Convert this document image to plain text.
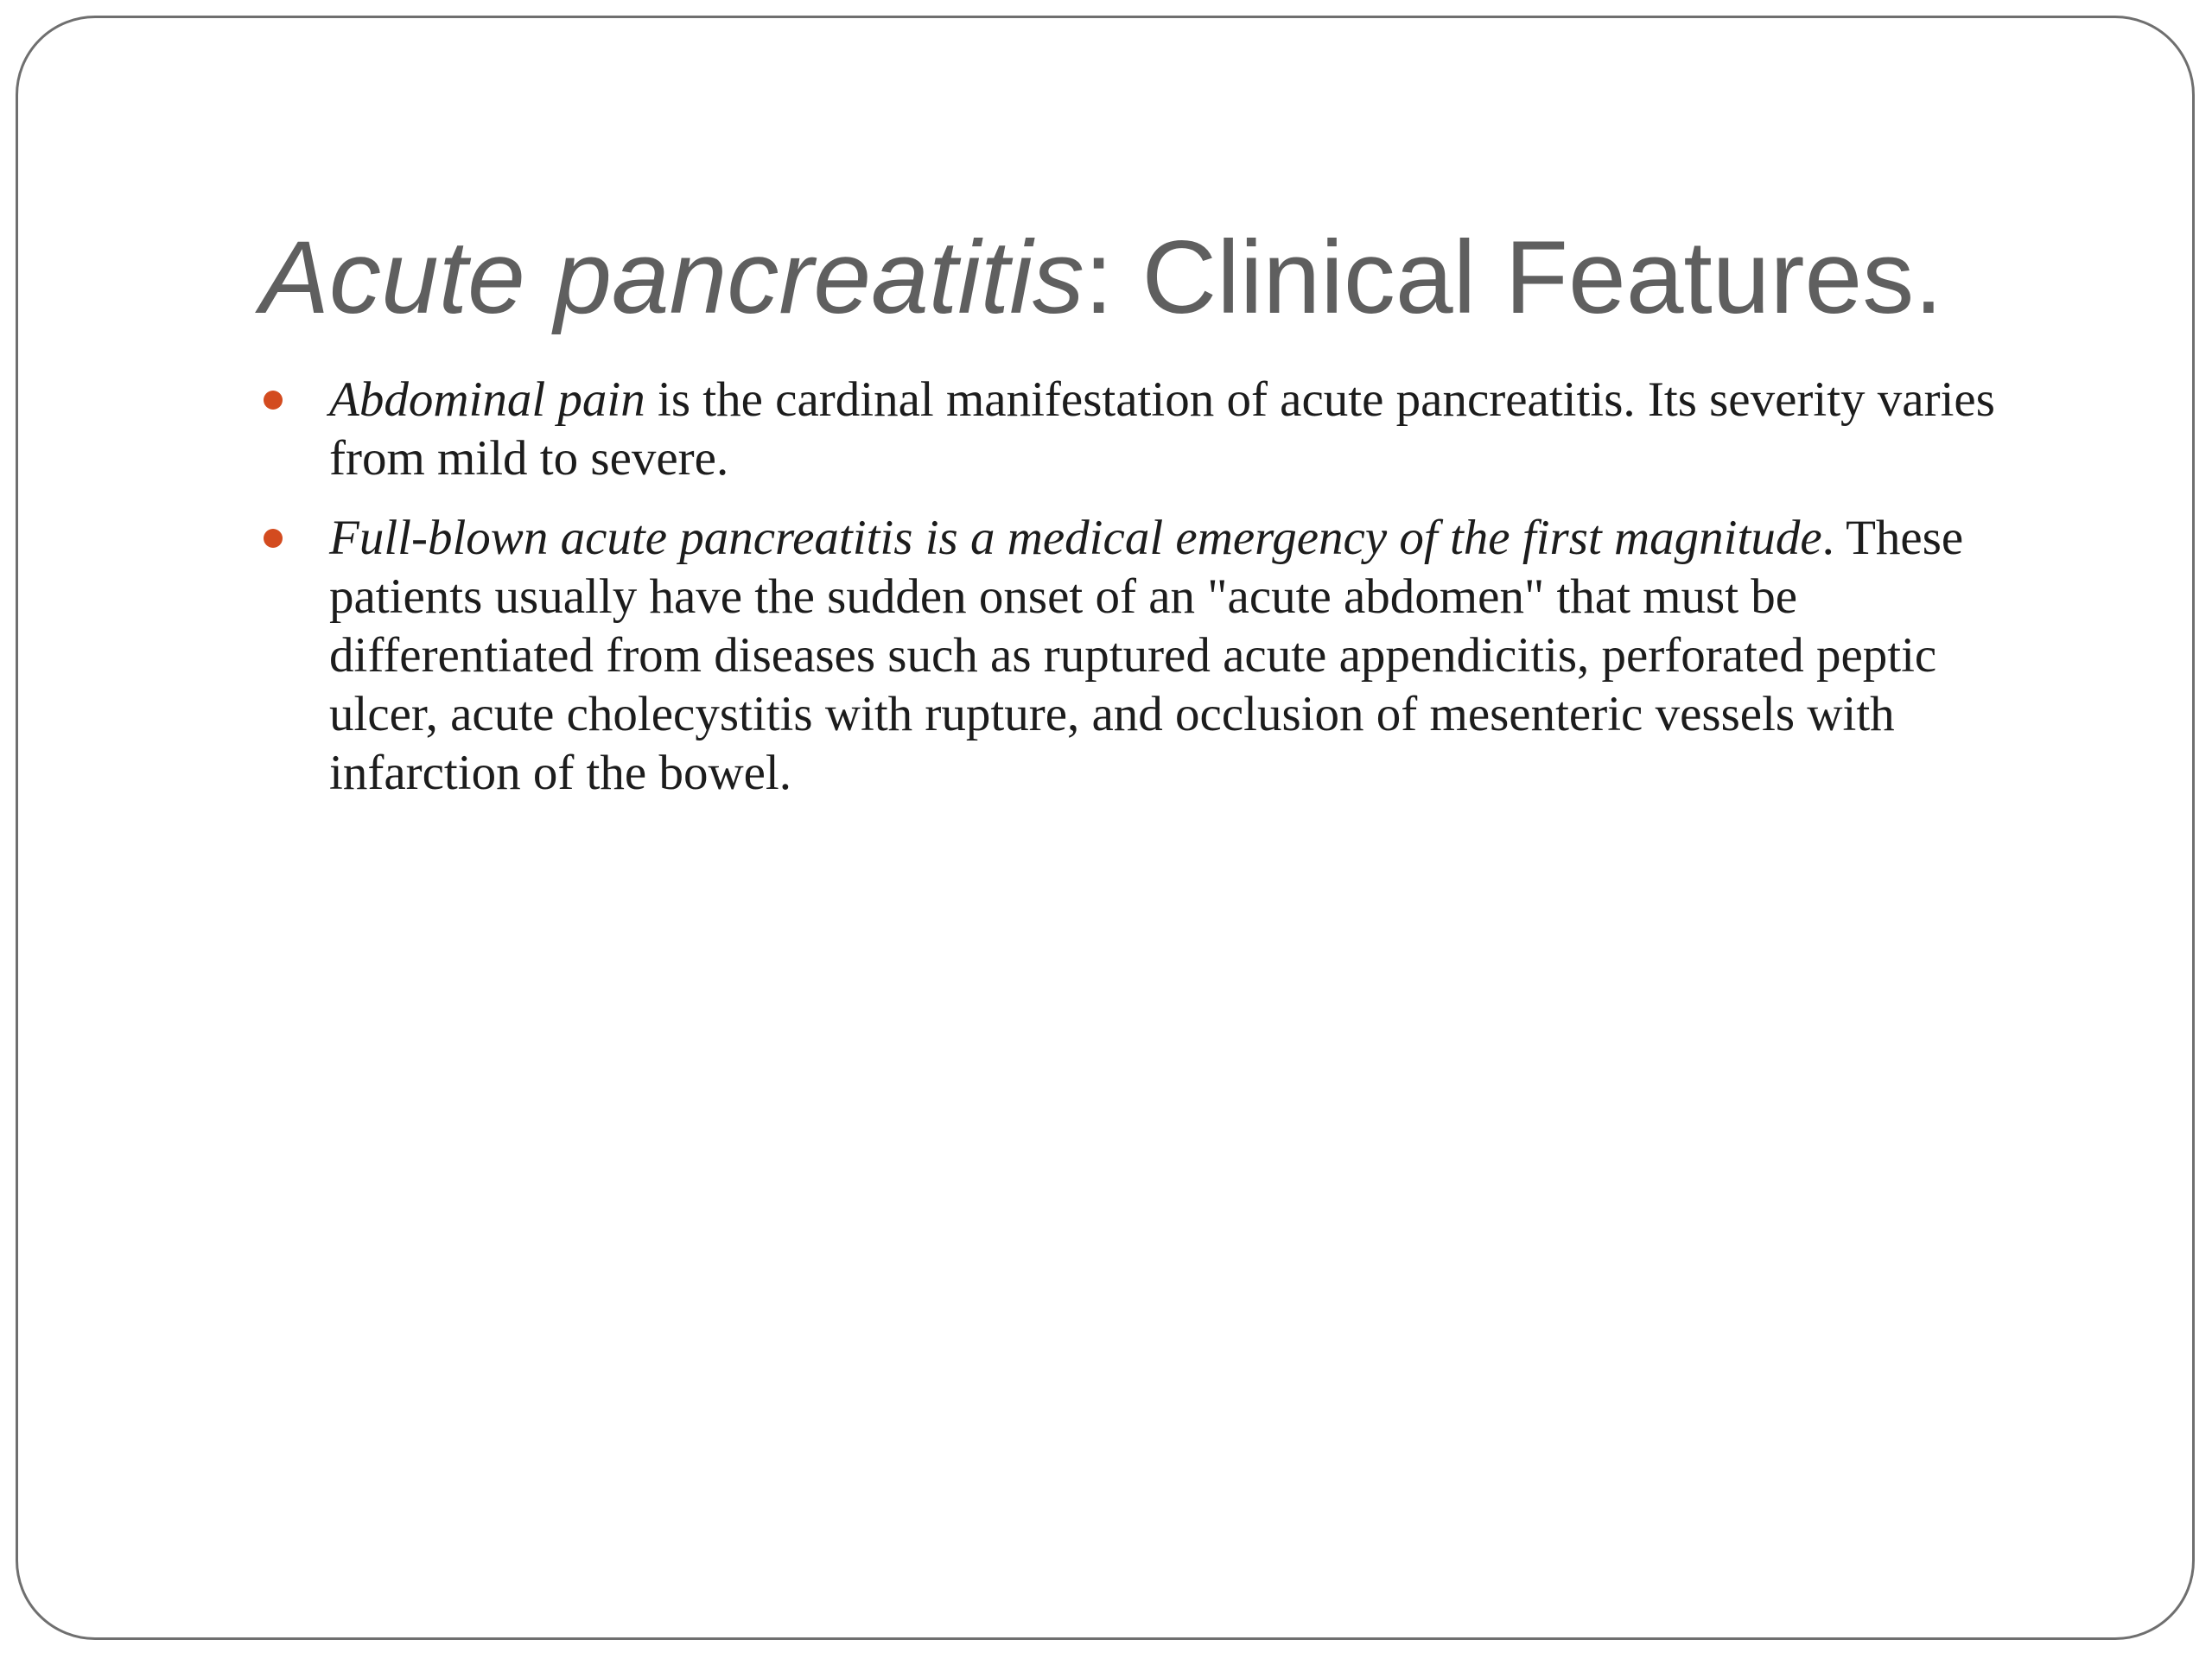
Acute pancreatitis: Clinical Features.
Abdominal pain is the cardinal manifestation of acute pancreatitis. Its severity varies from mild to severe.
Full-blown acute pancreatitis is a medical emergency of the first magnitude. These patients usually have the sudden onset of an "acute abdomen" that must be differentiated from diseases such as ruptured acute appendicitis, perforated peptic ulcer, acute cholecystitis with rupture, and occlusion of mesenteric vessels with infarction of the bowel.
